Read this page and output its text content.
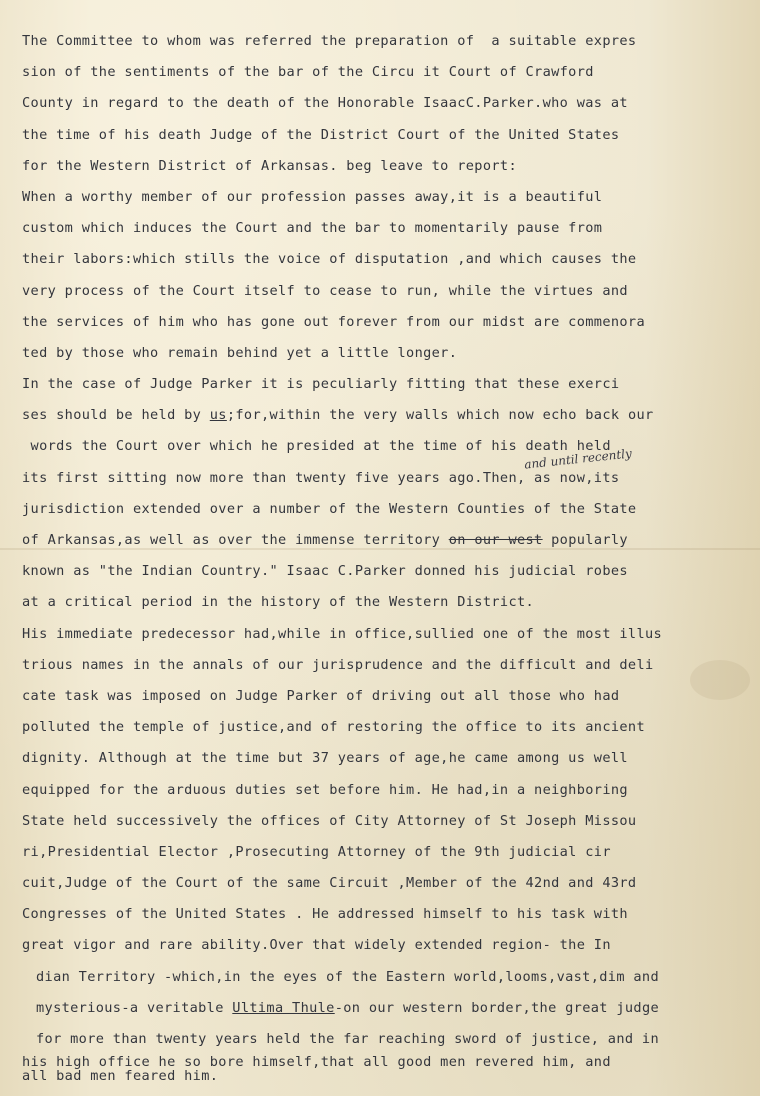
The Committee to whom was referred the preparation of  a suitable expres
sion of the sentiments of the bar of the Circu it Court of Crawford
County in regard to the death of the Honorable IsaacC.Parker.who was at
the time of his death Judge of the District Court of the United States
for the Western District of Arkansas. beg leave to report:
When a worthy member of our profession passes away,it is a beautiful
custom which induces the Court and the bar to momentarily pause from
their labors:which stills the voice of disputation ,and which causes the
very process of the Court itself to cease to run, while the virtues and
the services of him who has gone out forever from our midst are commenora
ted by those who remain behind yet a little longer.
In the case of Judge Parker it is peculiarly fitting that these exerci
ses should be held by us;for,within the very walls which now echo back our
words the Court over which he presided at the time of his death held
its first sitting now more than twenty five years ago.Then, as now,its
jurisdiction extended over a number of the Western Counties of the State
of Arkansas,as well as over the immense territory on our west popularly
known as "the Indian Country." Isaac C.Parker donned his judicial robes
at a critical period in the history of the Western District.
His immediate predecessor had,while in office,sullied one of the most illus
trious names in the annals of our jurisprudence and the difficult and deli
cate task was imposed on Judge Parker of driving out all those who had
polluted the temple of justice,and of restoring the office to its ancient
dignity. Although at the time but 37 years of age,he came among us well
equipped for the arduous duties set before him. He had,in a neighboring
State held successively the offices of City Attorney of St Joseph Missou
ri,Presidential Elector ,Prosecuting Attorney of the 9th judicial cir
cuit,Judge of the Court of the same Circuit ,Member of the 42nd and 43rd
Congresses of the United States . He addressed himself to his task with
great vigor and rare ability.Over that widely extended region- the In
dian Territory -which,in the eyes of the Eastern world,looms,vast,dim and
mysterious-a veritable Ultima Thule-on our western border,the great judge
for more than twenty years held the far reaching sword of justice, and in
his high office he so bore himself,that all good men revered him, and
all bad men feared him.
and until recently
